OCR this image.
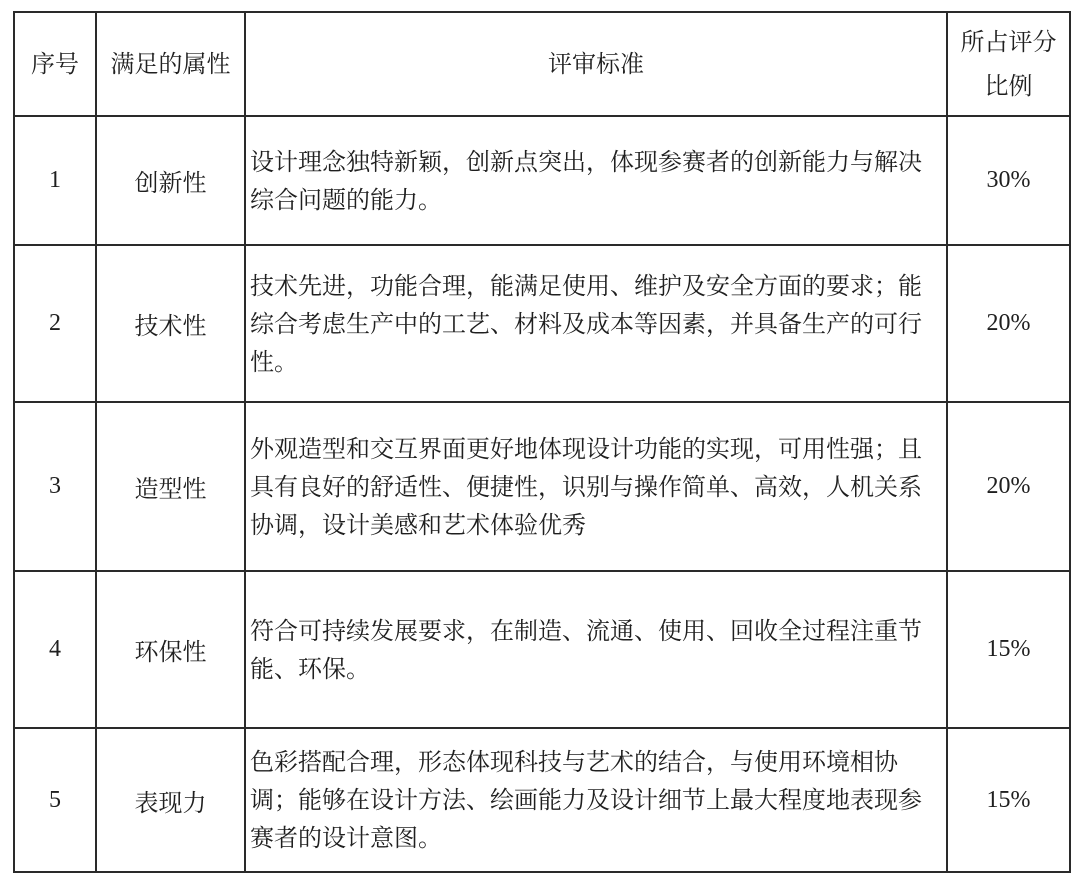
序号	满足的属性	评审标准	所占评分
比例

1	创新性	设计理念独特新颖，创新点突出，体现参赛者的创新能力与解决综合问题的能力。	30%
2	技术性	技术先进，功能合理，能满足使用、维护及安全方面的要求；能综合考虑生产中的工艺、材料及成本等因素，并具备生产的可行性。	20%
3	造型性	外观造型和交互界面更好地体现设计功能的实现，可用性强；且具有良好的舒适性、便捷性，识别与操作简单、高效，人机关系协调，设计美感和艺术体验优秀	20%
4	环保性	符合可持续发展要求，在制造、流通、使用、回收全过程注重节能、环保。	15%
5	表现力	色彩搭配合理，形态体现科技与艺术的结合，与使用环境相协调；能够在设计方法、绘画能力及设计细节上最大程度地表现参赛者的设计意图。	15%
